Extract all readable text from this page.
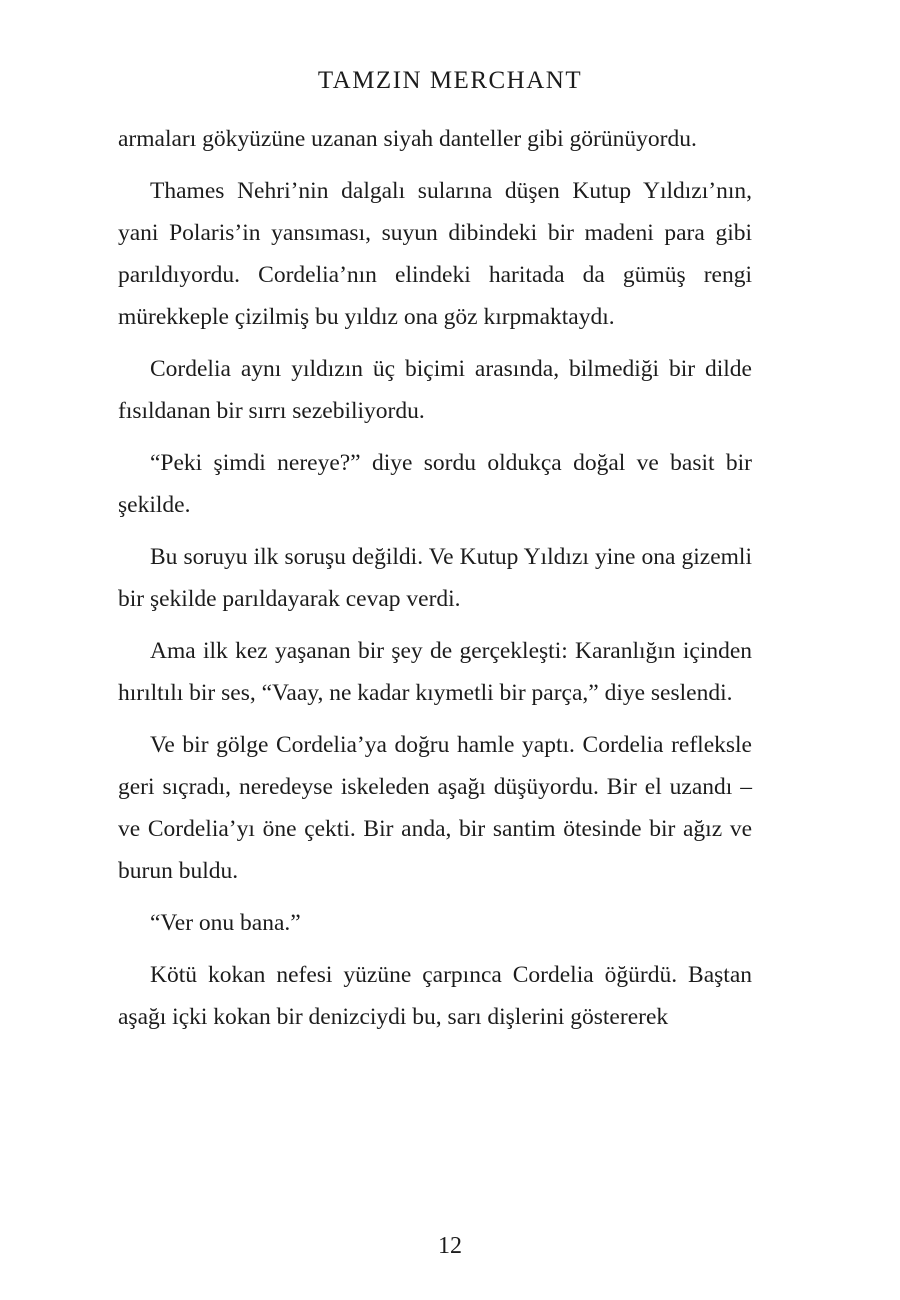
TAMZIN MERCHANT

armaları gökyüzüne uzanan siyah danteller gibi görünüyordu.

Thames Nehri’nin dalgalı sularına düşen Kutup Yıldızı’nın, yani Polaris’in yansıması, suyun dibindeki bir madeni para gibi parıldıyordu. Cordelia’nın elindeki haritada da gümüş rengi mürekkeple çizilmiş bu yıldız ona göz kırpmaktaydı.

Cordelia aynı yıldızın üç biçimi arasında, bilmediği bir dilde fısıldanan bir sırrı sezebiliyordu.

“Peki şimdi nereye?” diye sordu oldukça doğal ve basit bir şekilde.

Bu soruyu ilk soruşu değildi. Ve Kutup Yıldızı yine ona gizemli bir şekilde parıldayarak cevap verdi.

Ama ilk kez yaşanan bir şey de gerçekleşti: Karanlığın içinden hırıltılı bir ses, “Vaay, ne kadar kıymetli bir parça,” diye seslendi.

Ve bir gölge Cordelia’ya doğru hamle yaptı. Cordelia refleksle geri sıçradı, neredeyse iskeleden aşağı düşüyordu. Bir el uzandı – ve Cordelia’yı öne çekti. Bir anda, bir santim ötesinde bir ağız ve burun buldu.

“Ver onu bana.”

Kötü kokan nefesi yüzüne çarpınca Cordelia öğürdü. Baştan aşağı içki kokan bir denizciydi bu, sarı dişlerini göstererek

12
